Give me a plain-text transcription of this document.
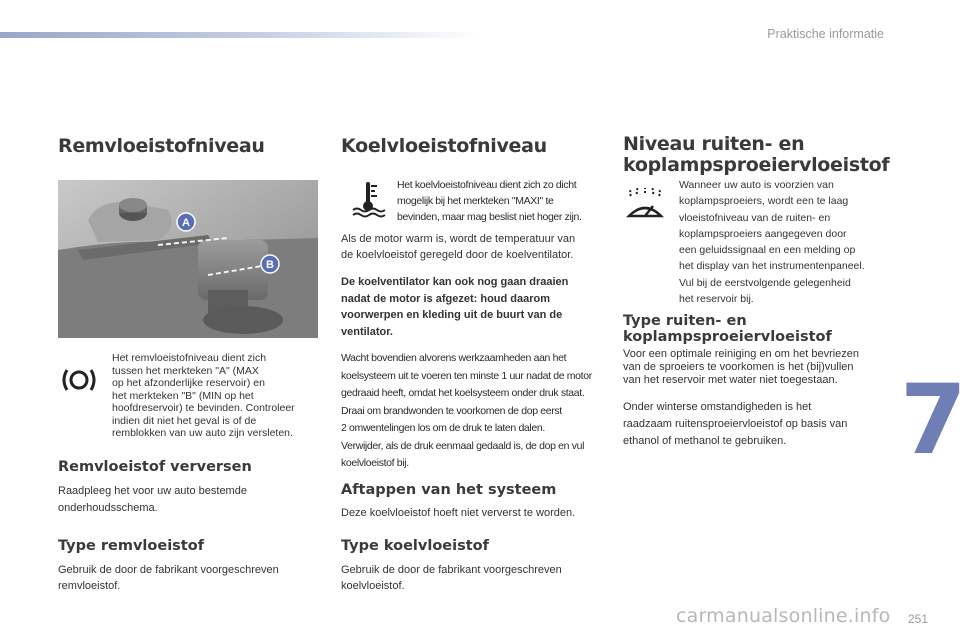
Praktische informatie
7
251
carmanualsonline.info
Remvloeistofniveau
A
B
Het remvloeistofniveau dient zich
tussen het merkteken "A" (MAX
op het afzonderlijke reservoir) en
het merkteken "B" (MIN op het
hoofdreservoir) te bevinden. Controleer
indien dit niet het geval is of de
remblokken van uw auto zijn versleten.
Remvloeistof verversen
Raadpleeg het voor uw auto bestemde
onderhoudsschema.
Type remvloeistof
Gebruik de door de fabrikant voorgeschreven
remvloeistof.
Koelvloeistofniveau
Het koelvloeistofniveau dient zich zo dicht
mogelijk bij het merkteken "MAXI" te
bevinden, maar mag beslist niet hoger zijn.
Als de motor warm is, wordt de temperatuur van
de koelvloeistof geregeld door de koelventilator.
De koelventilator kan ook nog gaan draaien
nadat de motor is afgezet: houd daarom
voorwerpen en kleding uit de buurt van de
ventilator.
Wacht bovendien alvorens werkzaamheden aan het
koelsysteem uit te voeren ten minste 1 uur nadat de motor
gedraaid heeft, omdat het koelsysteem onder druk staat.
Draai om brandwonden te voorkomen de dop eerst
2 omwentelingen los om de druk te laten dalen.
Verwijder, als de druk eenmaal gedaald is, de dop en vul
koelvloeistof bij.
Aftappen van het systeem
Deze koelvloeistof hoeft niet ververst te worden.
Type koelvloeistof
Gebruik de door de fabrikant voorgeschreven
koelvloeistof.
Niveau ruiten- en
koplampsproeiervloeistof
Wanneer uw auto is voorzien van
koplampsproeiers, wordt een te laag
vloeistofniveau van de ruiten- en
koplampsproeiers aangegeven door
een geluidssignaal en een melding op
het display van het instrumentenpaneel.
Vul bij de eerstvolgende gelegenheid
het reservoir bij.
Type ruiten- en
koplampsproeiervloeistof
Voor een optimale reiniging en om het bevriezen
van de sproeiers te voorkomen is het (bij)vullen
van het reservoir met water niet toegestaan.
Onder winterse omstandigheden is het
raadzaam ruitensproeiervloeistof op basis van
ethanol of methanol te gebruiken.
